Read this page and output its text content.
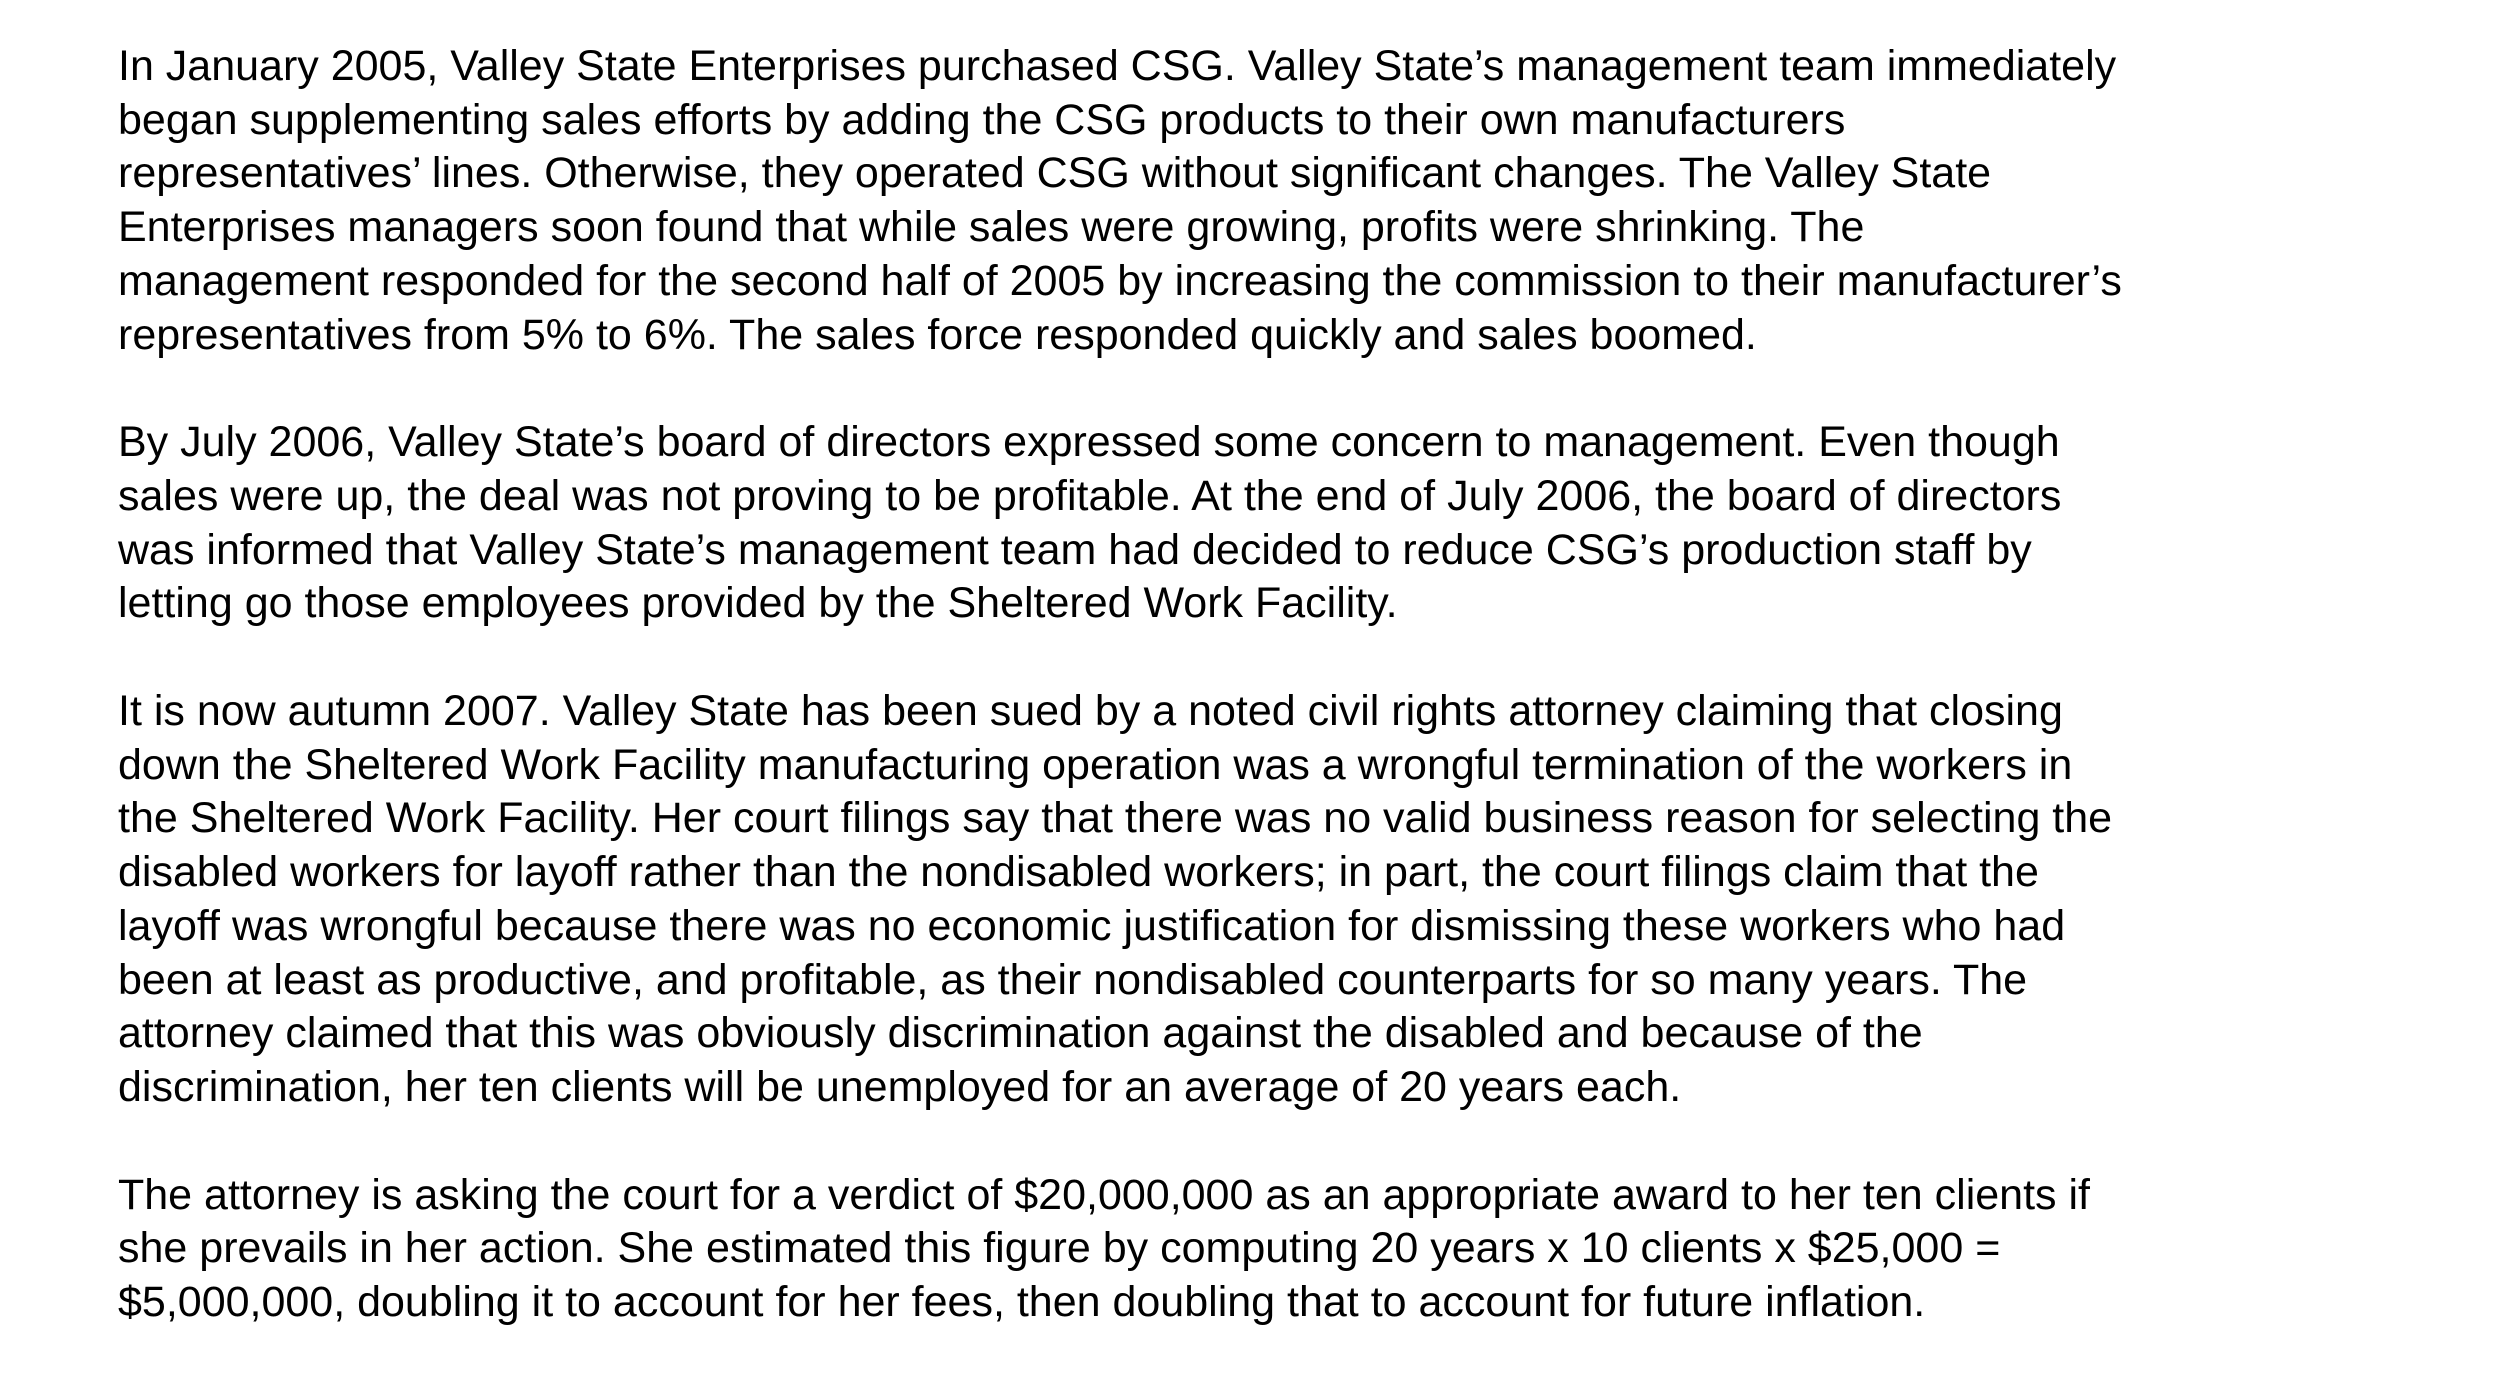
In January 2005, Valley State Enterprises purchased CSG. Valley State’s management team immediately
began supplementing sales efforts by adding the CSG products to their own manufacturers
representatives’ lines. Otherwise, they operated CSG without significant changes. The Valley State
Enterprises managers soon found that while sales were growing, profits were shrinking. The
management responded for the second half of 2005 by increasing the commission to their manufacturer’s
representatives from 5% to 6%. The sales force responded quickly and sales boomed.

By July 2006, Valley State’s board of directors expressed some concern to management. Even though
sales were up, the deal was not proving to be profitable. At the end of July 2006, the board of directors
was informed that Valley State’s management team had decided to reduce CSG’s production staff by
letting go those employees provided by the Sheltered Work Facility.

It is now autumn 2007. Valley State has been sued by a noted civil rights attorney claiming that closing
down the Sheltered Work Facility manufacturing operation was a wrongful termination of the workers in
the Sheltered Work Facility. Her court filings say that there was no valid business reason for selecting the
disabled workers for layoff rather than the nondisabled workers; in part, the court filings claim that the
layoff was wrongful because there was no economic justification for dismissing these workers who had
been at least as productive, and profitable, as their nondisabled counterparts for so many years. The
attorney claimed that this was obviously discrimination against the disabled and because of the
discrimination, her ten clients will be unemployed for an average of 20 years each.

The attorney is asking the court for a verdict of $20,000,000 as an appropriate award to her ten clients if
she prevails in her action. She estimated this figure by computing 20 years x 10 clients x $25,000 =
$5,000,000, doubling it to account for her fees, then doubling that to account for future inflation.
